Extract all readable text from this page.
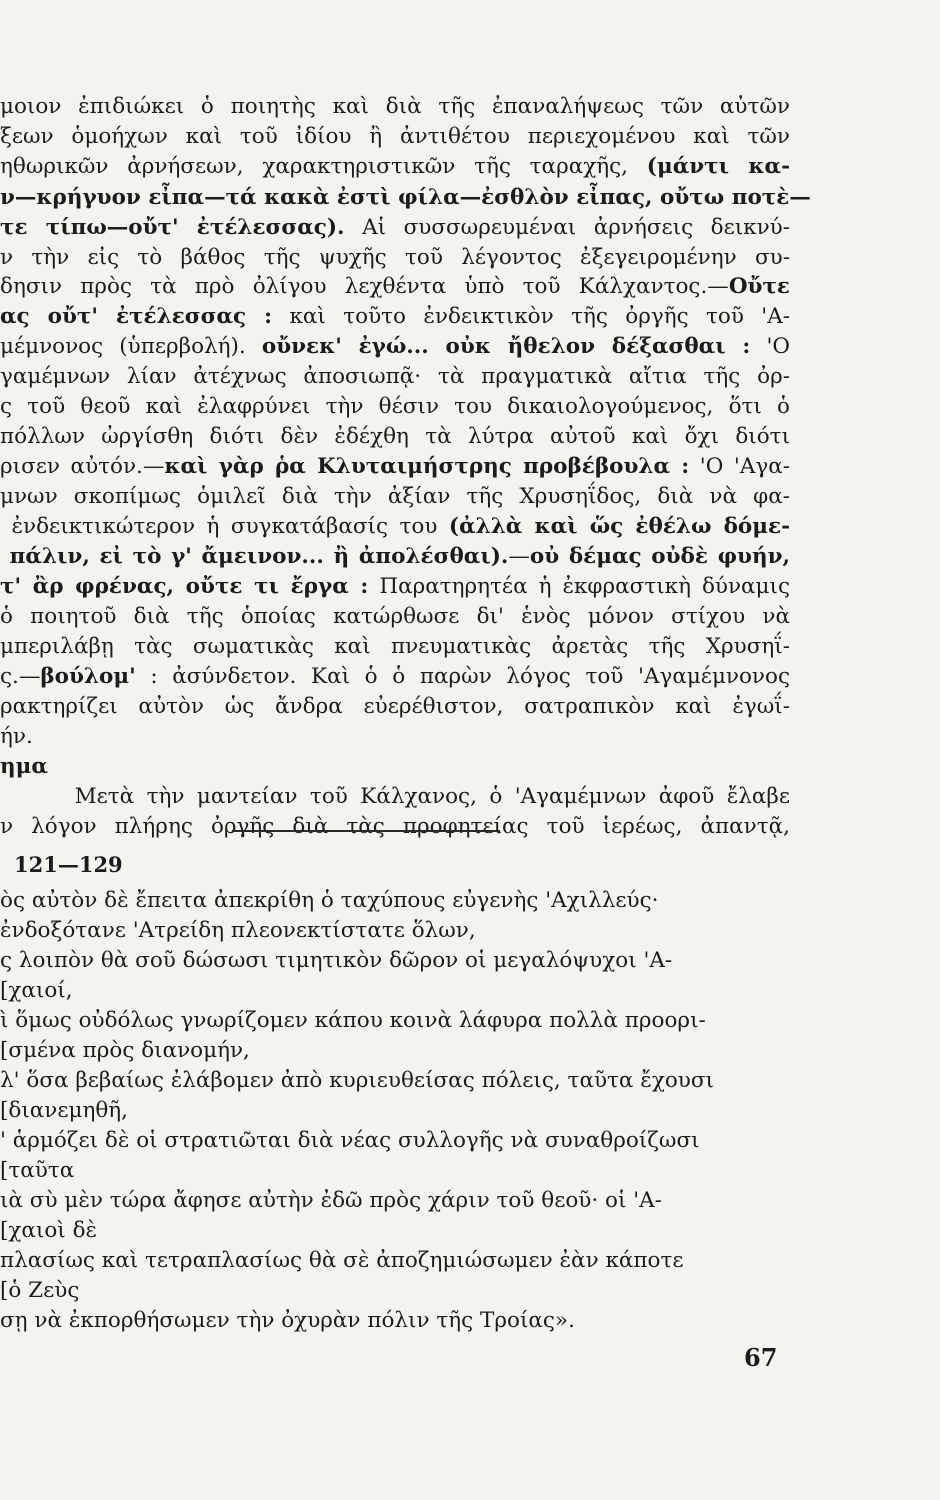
μοιον ἐπιδιώκει ὁ ποιητὴς καὶ διὰ τῆς ἐπαναλήψεως τῶν αὐτῶν
ξεων ὁμοήχων καὶ τοῦ ἰδίου ἢ ἀντιθέτου περιεχομένου καὶ τῶν
ηθωρικῶν ἀρνήσεων, χαρακτηριστικῶν τῆς ταραχῆς, (μάντι κα-
ν—κρήγυον εἶπα—τά κακὰ ἐστὶ φίλα—ἐσθλὸν εἶπας, οὔτω ποτὲ—
τε τίπω—οὔτ' ἐτέλεσσας). Αἱ συσσωρευμέναι ἀρνήσεις δεικνύ-
ν τὴν εἰς τὸ βάθος τῆς ψυχῆς τοῦ λέγοντος ἐξεγειρομένην συ-
δησιν πρὸς τὰ πρὸ ὀλίγου λεχθέντα ὑπὸ τοῦ Κάλχαντος.—Οὔτε
ας οὔτ' ἐτέλεσσας : καὶ τοῦτο ἐνδεικτικὸν τῆς ὀργῆς τοῦ 'Α-
μέμνονος (ὑπερβολή). οὔνεκ' ἐγώ... οὐκ ἤθελον δέξασθαι : 'Ο
γαμέμνων λίαν ἀτέχνως ἀποσιωπᾷ· τὰ πραγματικὰ αἴτια τῆς ὀρ-
ς τοῦ θεοῦ καὶ ἐλαφρύνει τὴν θέσιν του δικαιολογούμενος, ὅτι ὁ
πόλλων ὠργίσθη διότι δὲν ἐδέχθη τὰ λύτρα αὐτοῦ καὶ ὄχι διότι
ρισεν αὐτόν.—καὶ γὰρ ῥα Κλυταιμήστρης προβέβουλα : 'Ο 'Αγα-
μνων σκοπίμως ὁμιλεῖ διὰ τὴν ἀξίαν τῆς Χρυσηΐδος, διὰ νὰ φα-
ἐνδεικτικώτερον ἡ συγκατάβασίς του (ἀλλὰ καὶ ὥς ἐθέλω δόμε-
πάλιν, εἰ τὸ γ' ἄμεινον... ἢ ἀπολέσθαι).—οὐ δέμας οὐδὲ φυήν,
τ' ἂρ φρένας, οὔτε τι ἔργα : Παρατηρητέα ἡ ἐκφραστικὴ δύναμις
ὁ ποιητοῦ διὰ τῆς ὁποίας κατώρθωσε δι' ἑνὸς μόνον στίχου νὰ
μπεριλάβῃ τὰς σωματικὰς καὶ πνευματικὰς ἀρετὰς τῆς Χρυσηΐ-
ς.—βούλομ' : ἀσύνδετον. Καὶ ὁ ὁ παρὼν λόγος τοῦ 'Αγαμέμνονος
ρακτηρίζει αὐτὸν ὡς ἄνδρα εὐερέθιστον, σατραπικὸν καὶ ἐγωΐ-
ήν.
ημα
Μετὰ τὴν μαντείαν τοῦ Κάλχανος, ὁ 'Αγαμέμνων ἀφοῦ ἔλαβε
ν λόγον πλήρης ὀργῆς διὰ τὰς προφητείας τοῦ ἱερέως, ἀπαντᾷ,
121—129
ὸς αὐτὸν δὲ ἔπειτα ἀπεκρίθη ὁ ταχύπους εὐγενὴς 'Αχιλλεύς·
ἐνδοξότανε 'Ατρείδη πλεονεκτίστατε ὅλων,
ς λοιπὸν θὰ σοῦ δώσωσι τιμητικὸν δῶρον οἱ μεγαλόψυχοι 'Α-
[χαιοί,
ὶ ὅμως οὐδόλως γνωρίζομεν κάπου κοινὰ λάφυρα πολλὰ προορι-
[σμένα πρὸς διανομήν,
λ' ὅσα βεβαίως ἐλάβομεν ἀπὸ κυριευθείσας πόλεις, ταῦτα ἔχουσι
[διανεμηθῆ,
' ἁρμόζει δὲ οἱ στρατιῶται διὰ νέας συλλογῆς νὰ συναθροίζωσι
[ταῦτα
ιὰ σὺ μὲν τώρα ἄφησε αὐτὴν ἐδῶ πρὸς χάριν τοῦ θεοῦ· οἱ 'Α-
[χαιοὶ δὲ
πλασίως καὶ τετραπλασίως θὰ σὲ ἀποζημιώσωμεν ἐὰν κάποτε
[ὁ Ζεὺς
σῃ νὰ ἐκπορθήσωμεν τὴν ὀχυρὰν πόλιν τῆς Τροίας».
67
